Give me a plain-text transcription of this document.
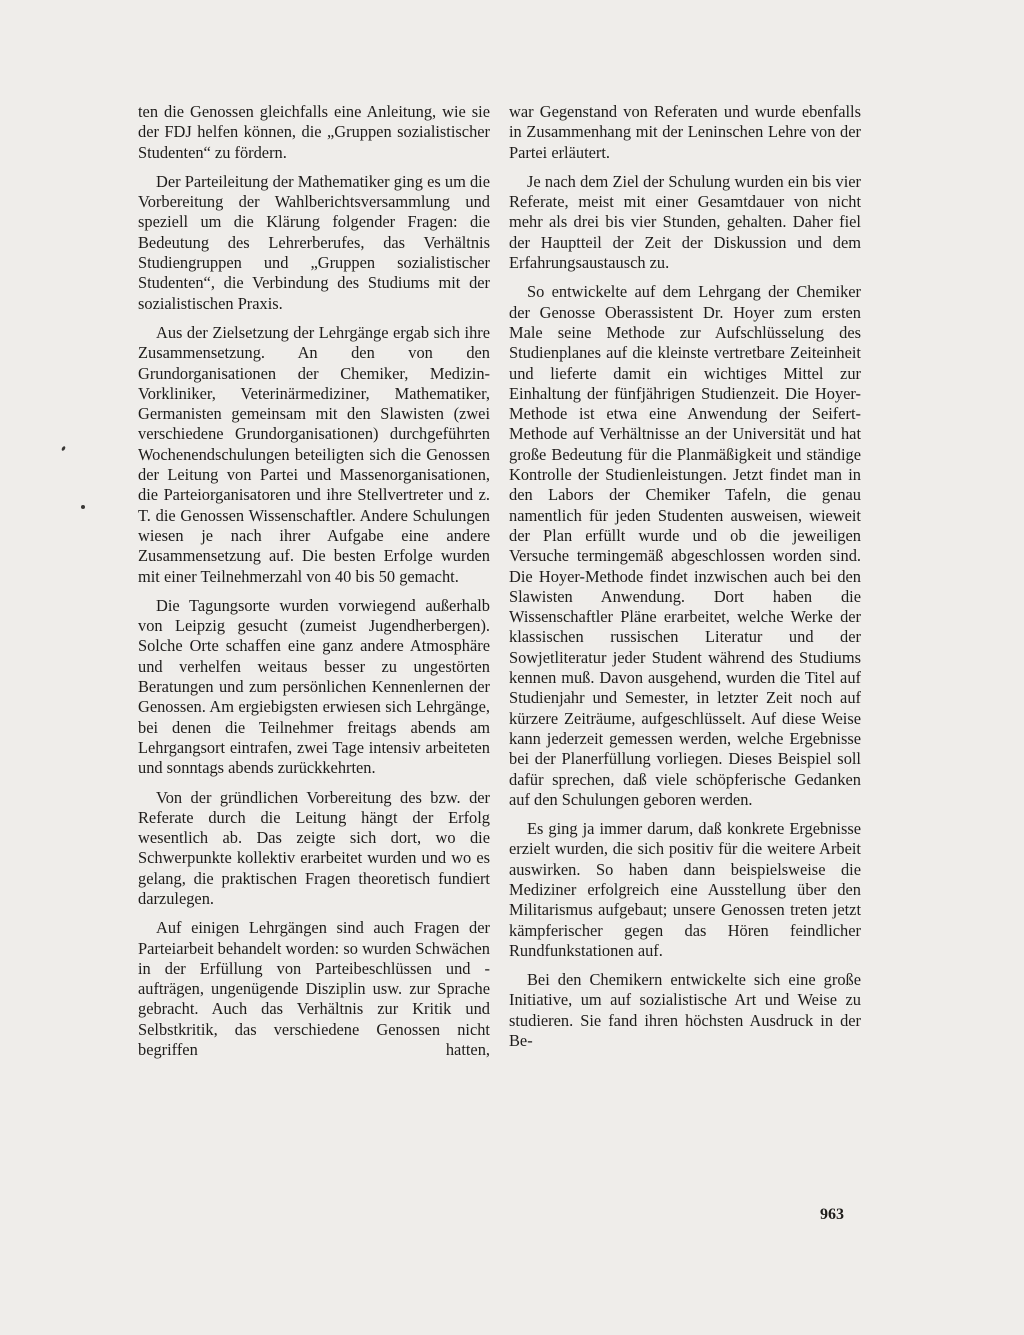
ten die Genossen gleichfalls eine Anleitung, wie sie der FDJ helfen können, die „Gruppen sozialistischer Studenten“ zu fördern.

Der Parteileitung der Mathematiker ging es um die Vorbereitung der Wahlberichtsversammlung und speziell um die Klärung folgender Fragen: die Bedeutung des Lehrerberufes, das Verhältnis Studiengruppen und „Gruppen sozialistischer Studenten“, die Verbindung des Studiums mit der sozialistischen Praxis.

Aus der Zielsetzung der Lehrgänge ergab sich ihre Zusammensetzung. An den von den Grundorganisationen der Chemiker, Medizin-Vorkliniker, Veterinärmediziner, Mathematiker, Germanisten gemeinsam mit den Slawisten (zwei verschiedene Grundorganisationen) durchgeführten Wochenendschulungen beteiligten sich die Genossen der Leitung von Partei und Massenorganisationen, die Parteiorganisatoren und ihre Stellvertreter und z. T. die Genossen Wissenschaftler. Andere Schulungen wiesen je nach ihrer Aufgabe eine andere Zusammensetzung auf. Die besten Erfolge wurden mit einer Teilnehmerzahl von 40 bis 50 gemacht.

Die Tagungsorte wurden vorwiegend außerhalb von Leipzig gesucht (zumeist Jugendherbergen). Solche Orte schaffen eine ganz andere Atmosphäre und verhelfen weitaus besser zu ungestörten Beratungen und zum persönlichen Kennenlernen der Genossen. Am ergiebigsten erwiesen sich Lehrgänge, bei denen die Teilnehmer freitags abends am Lehrgangsort eintrafen, zwei Tage intensiv arbeiteten und sonntags abends zurückkehrten.

Von der gründlichen Vorbereitung des bzw. der Referate durch die Leitung hängt der Erfolg wesentlich ab. Das zeigte sich dort, wo die Schwerpunkte kollektiv erarbeitet wurden und wo es gelang, die praktischen Fragen theoretisch fundiert darzulegen.

Auf einigen Lehrgängen sind auch Fragen der Parteiarbeit behandelt worden: so wurden Schwächen in der Erfüllung von Parteibeschlüssen und -aufträgen, ungenügende Disziplin usw. zur Sprache gebracht. Auch das Verhältnis zur Kritik und Selbstkritik, das verschiedene Genossen nicht begriffen hatten,

war Gegenstand von Referaten und wurde ebenfalls in Zusammenhang mit der Leninschen Lehre von der Partei erläutert.

Je nach dem Ziel der Schulung wurden ein bis vier Referate, meist mit einer Gesamtdauer von nicht mehr als drei bis vier Stunden, gehalten. Daher fiel der Hauptteil der Zeit der Diskussion und dem Erfahrungsaustausch zu.

So entwickelte auf dem Lehrgang der Chemiker der Genosse Oberassistent Dr. Hoyer zum ersten Male seine Methode zur Aufschlüsselung des Studienplanes auf die kleinste vertretbare Zeiteinheit und lieferte damit ein wichtiges Mittel zur Einhaltung der fünfjährigen Studienzeit. Die Hoyer-Methode ist etwa eine Anwendung der Seifert-Methode auf Verhältnisse an der Universität und hat große Bedeutung für die Planmäßigkeit und ständige Kontrolle der Studienleistungen. Jetzt findet man in den Labors der Chemiker Tafeln, die genau namentlich für jeden Studenten ausweisen, wieweit der Plan erfüllt wurde und ob die jeweiligen Versuche termingemäß abgeschlossen worden sind. Die Hoyer-Methode findet inzwischen auch bei den Slawisten Anwendung. Dort haben die Wissenschaftler Pläne erarbeitet, welche Werke der klassischen russischen Literatur und der Sowjetliteratur jeder Student während des Studiums kennen muß. Davon ausgehend, wurden die Titel auf Studienjahr und Semester, in letzter Zeit noch auf kürzere Zeiträume, aufgeschlüsselt. Auf diese Weise kann jederzeit gemessen werden, welche Ergebnisse bei der Planerfüllung vorliegen. Dieses Beispiel soll dafür sprechen, daß viele schöpferische Gedanken auf den Schulungen geboren werden.

Es ging ja immer darum, daß konkrete Ergebnisse erzielt wurden, die sich positiv für die weitere Arbeit auswirken. So haben dann beispielsweise die Mediziner erfolgreich eine Ausstellung über den Militarismus aufgebaut; unsere Genossen treten jetzt kämpferischer gegen das Hören feindlicher Rundfunkstationen auf.

Bei den Chemikern entwickelte sich eine große Initiative, um auf sozialistische Art und Weise zu studieren. Sie fand ihren höchsten Ausdruck in der Be-

963
